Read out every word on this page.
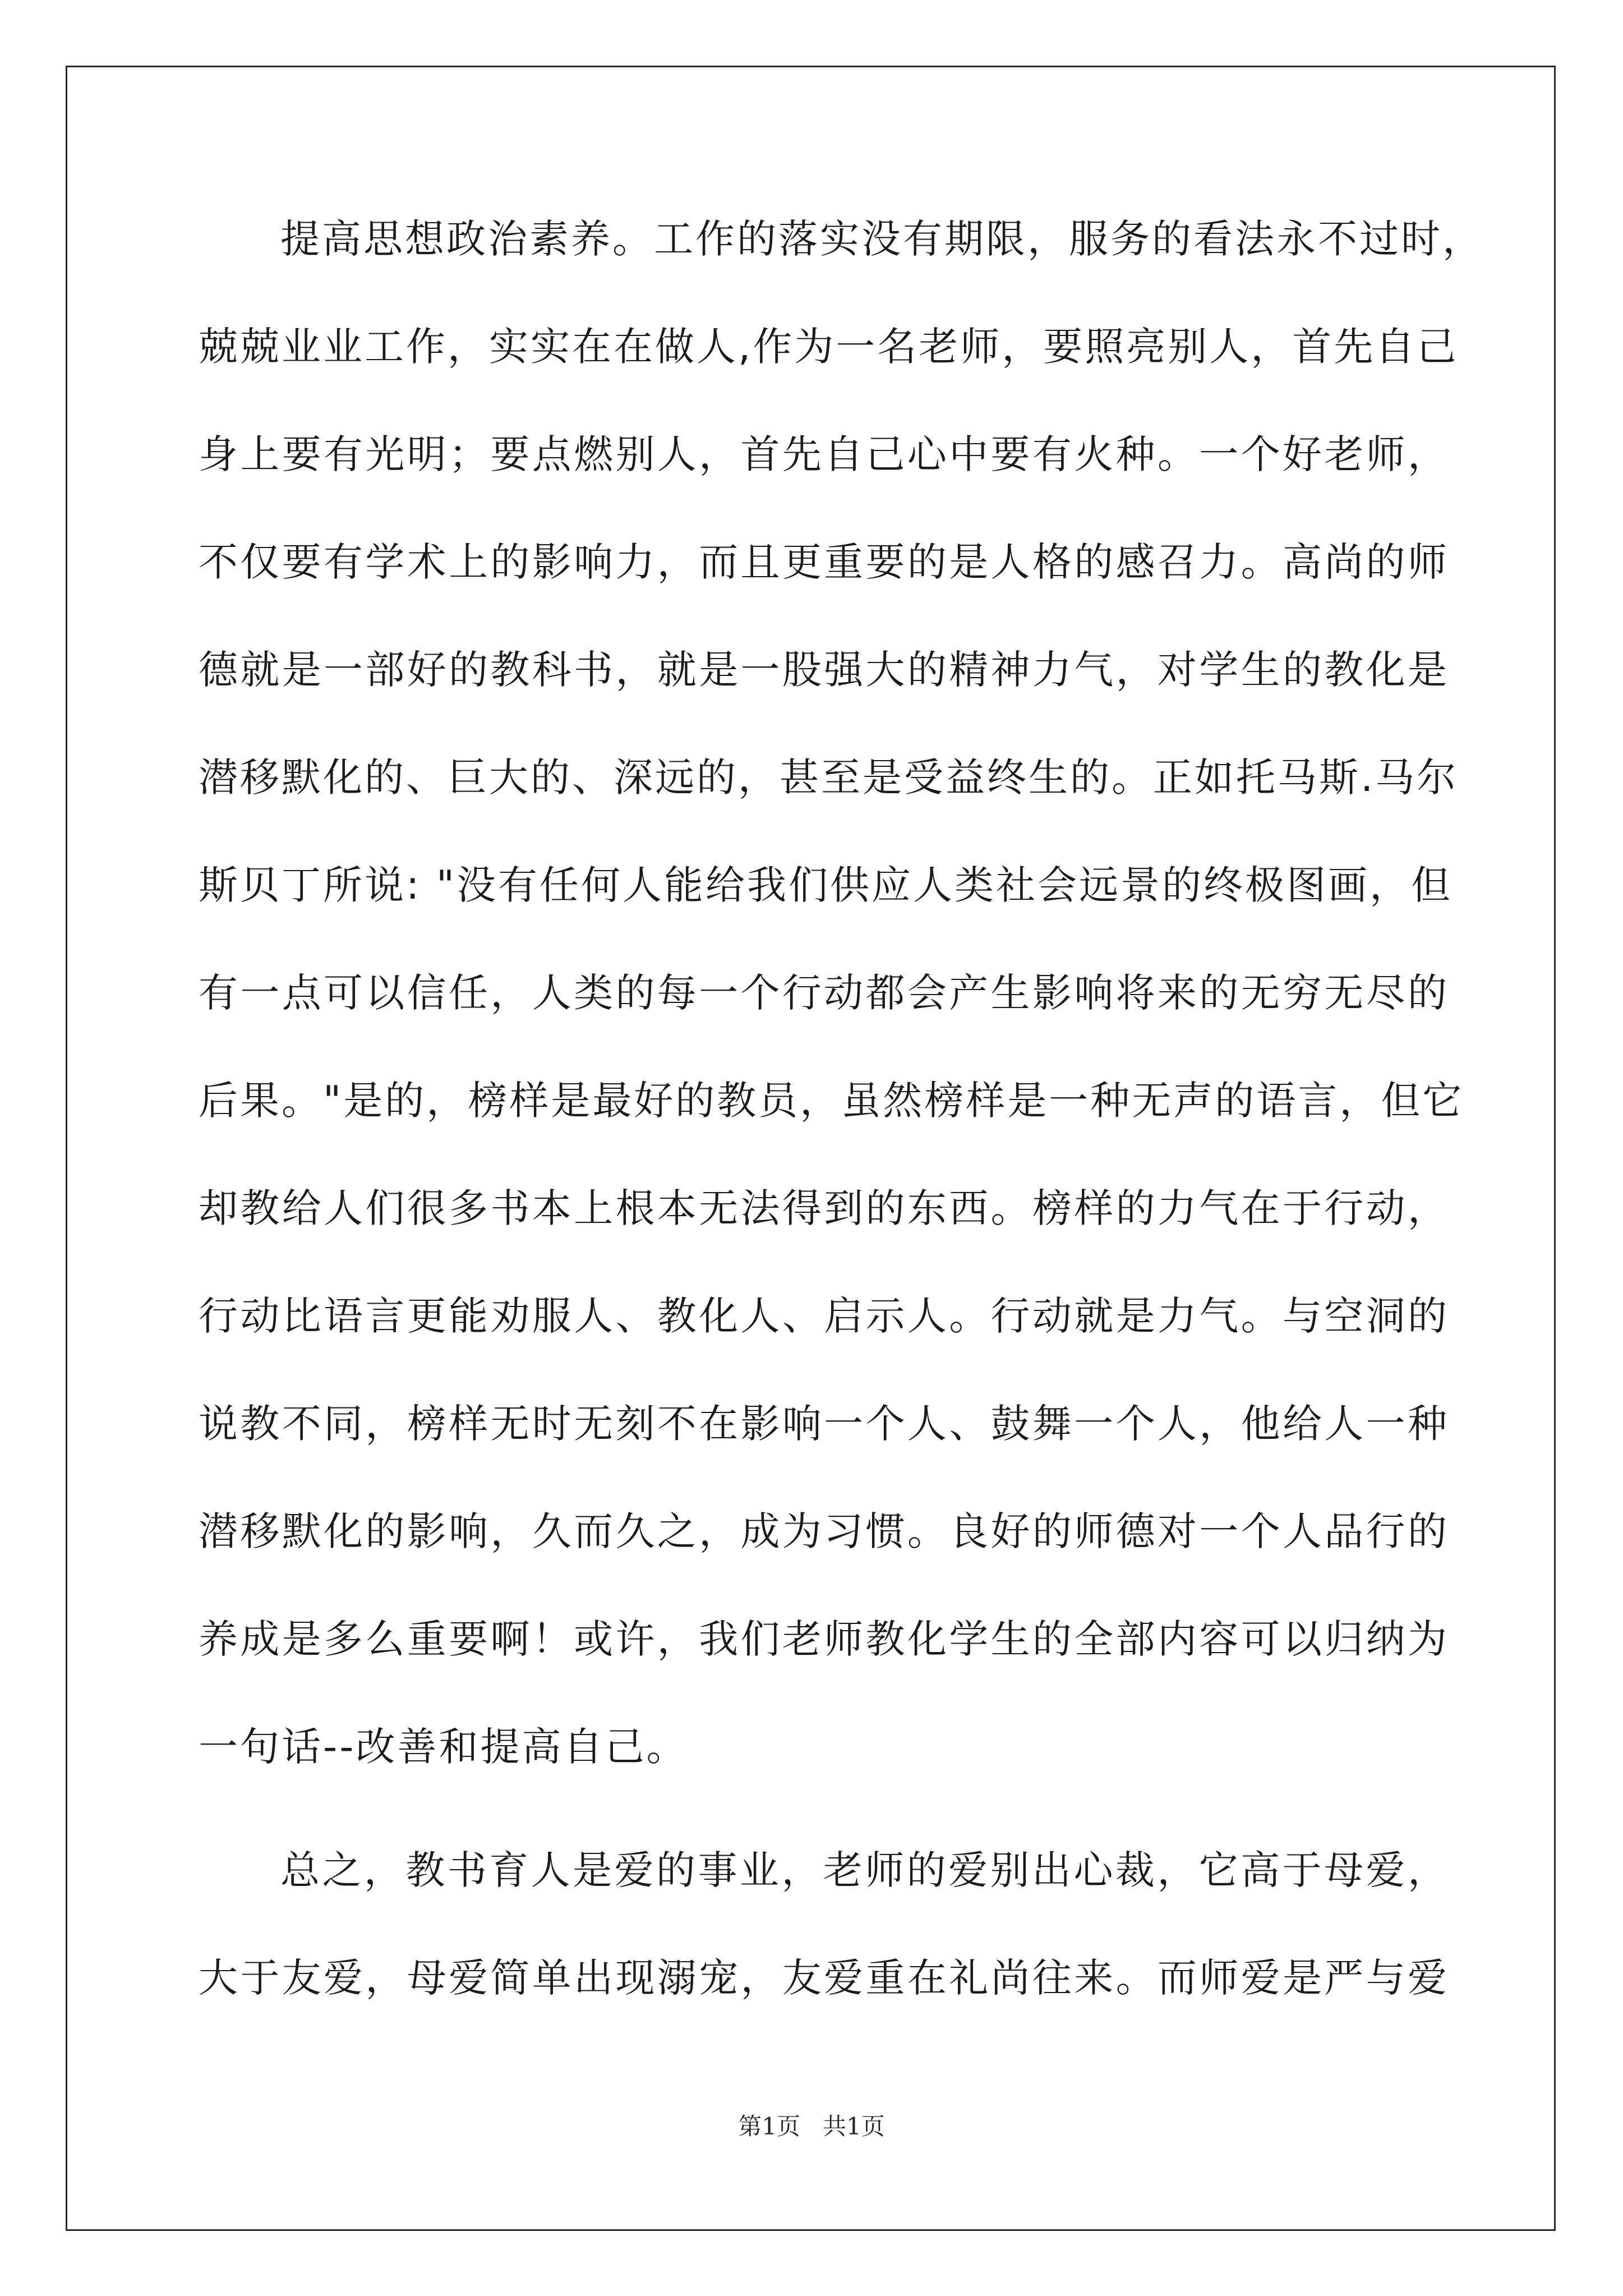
提高思想政治素养。工作的落实没有期限，服务的看法永不过时，
兢兢业业工作，实实在在做人,作为一名老师，要照亮别人，首先自己
身上要有光明；要点燃别人，首先自己心中要有火种。一个好老师，
不仅要有学术上的影响力，而且更重要的是人格的感召力。高尚的师
德就是一部好的教科书，就是一股强大的精神力气，对学生的教化是
潜移默化的、巨大的、深远的，甚至是受益终生的。正如托马斯.马尔
斯贝丁所说: "没有任何人能给我们供应人类社会远景的终极图画，但
有一点可以信任，人类的每一个行动都会产生影响将来的无穷无尽的
后果。"是的，榜样是最好的教员，虽然榜样是一种无声的语言，但它
却教给人们很多书本上根本无法得到的东西。榜样的力气在于行动，
行动比语言更能劝服人、教化人、启示人。行动就是力气。与空洞的
说教不同，榜样无时无刻不在影响一个人、鼓舞一个人，他给人一种
潜移默化的影响，久而久之，成为习惯。良好的师德对一个人品行的
养成是多么重要啊！或许，我们老师教化学生的全部内容可以归纳为
一句话--改善和提高自己。
总之，教书育人是爱的事业，老师的爱别出心裁，它高于母爱，
大于友爱，母爱简单出现溺宠，友爱重在礼尚往来。而师爱是严与爱
第1页   共1页
